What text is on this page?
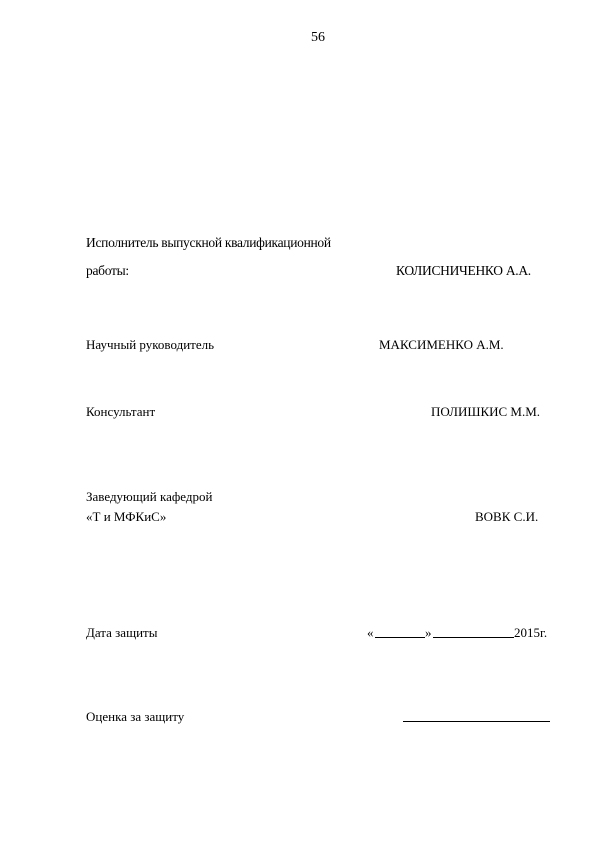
56
Исполнитель выпускной квалификационной
работы:	КОЛИСНИЧЕНКО А.А.
Научный руководитель	МАКСИМЕНКО А.М.
Консультант	ПОЛИШКИС М.М.
Заведующий кафедрой
«Т и МФКиС»	ВОВК С.И.
Дата защиты	«	»	2015г.
Оценка за защиту
